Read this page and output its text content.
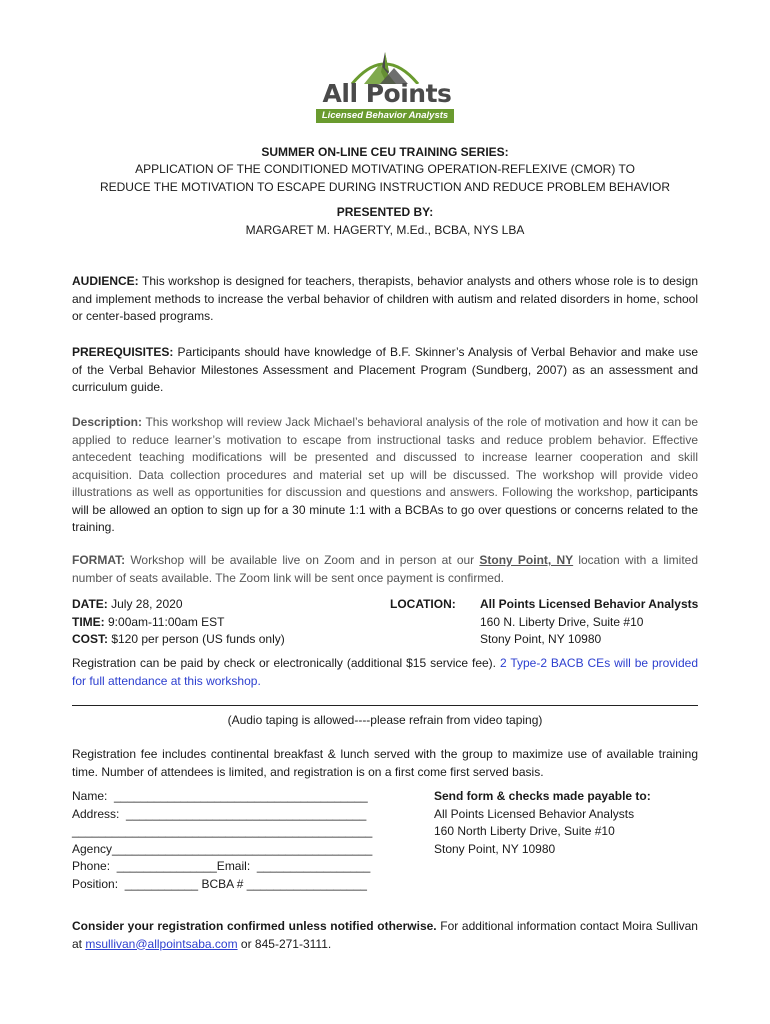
All Points
Licensed Behavior Analysts
SUMMER ON-LINE CEU TRAINING SERIES:
APPLICATION OF THE CONDITIONED MOTIVATING OPERATION-REFLEXIVE (CMOR) TO
REDUCE THE MOTIVATION TO ESCAPE DURING INSTRUCTION AND REDUCE PROBLEM BEHAVIOR
PRESENTED BY:
MARGARET M. HAGERTY, M.Ed., BCBA, NYS LBA
AUDIENCE: This workshop is designed for teachers, therapists, behavior analysts and others whose role is to design and implement methods to increase the verbal behavior of children with autism and related disorders in home, school or center-based programs.
PREREQUISITES: Participants should have knowledge of B.F. Skinner’s Analysis of Verbal Behavior and make use of the Verbal Behavior Milestones Assessment and Placement Program (Sundberg, 2007) as an assessment and curriculum guide.
Description: This workshop will review Jack Michael’s behavioral analysis of the role of motivation and how it can be applied to reduce learner’s motivation to escape from instructional tasks and reduce problem behavior. Effective antecedent teaching modifications will be presented and discussed to increase learner cooperation and skill acquisition. Data collection procedures and material set up will be discussed. The workshop will provide video illustrations as well as opportunities for discussion and questions and answers. Following the workshop, participants will be allowed an option to sign up for a 30 minute 1:1 with a BCBAs to go over questions or concerns related to the training.
FORMAT: Workshop will be available live on Zoom and in person at our Stony Point, NY location with a limited number of seats available. The Zoom link will be sent once payment is confirmed.
DATE: July 28, 2020
TIME: 9:00am-11:00am EST
COST: $120 per person (US funds only)
LOCATION: All Points Licensed Behavior Analysts
160 N. Liberty Drive, Suite #10
Stony Point, NY 10980
Registration can be paid by check or electronically (additional $15 service fee). 2 Type-2 BACB CEs will be provided for full attendance at this workshop.
(Audio taping is allowed----please refrain from video taping)
Registration fee includes continental breakfast & lunch served with the group to maximize use of available training time. Number of attendees is limited, and registration is on a first come first served basis.
Name:  ______________________________________
Address:  ____________________________________
_____________________________________________
Agency_______________________________________
Phone:  _______________Email:  _________________
Position:  ___________ BCBA # __________________
Send form & checks made payable to:
All Points Licensed Behavior Analysts
160 North Liberty Drive, Suite #10
Stony Point, NY 10980
Consider your registration confirmed unless notified otherwise. For additional information contact Moira Sullivan at msullivan@allpointsaba.com or 845-271-3111.
